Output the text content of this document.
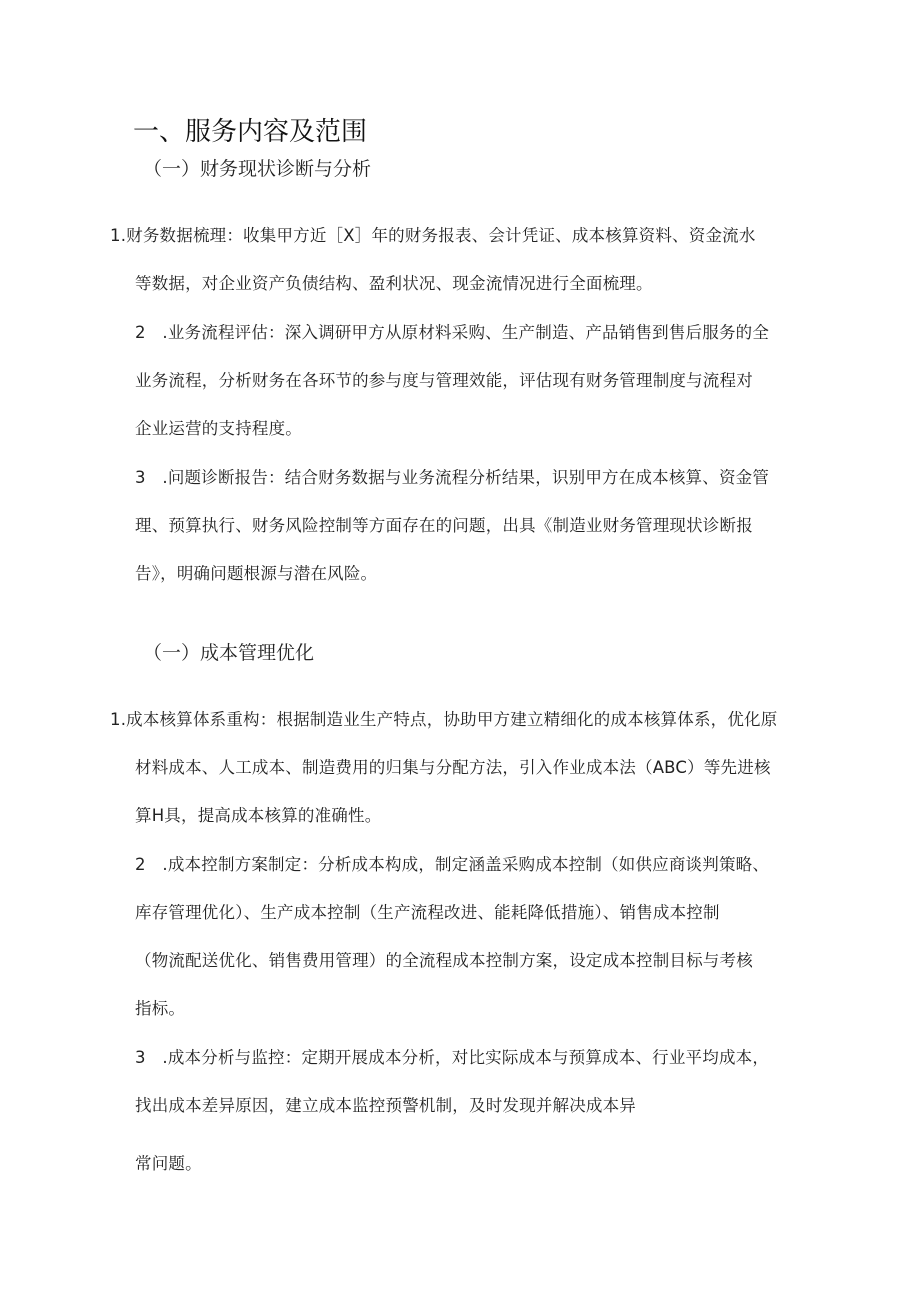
一、服务内容及范围
（一）财务现状诊断与分析

1.财务数据梳理：收集甲方近［X］年的财务报表、会计凭证、成本核算资料、资金流水

等数据，对企业资产负债结构、盈利状况、现金流情况进行全面梳理。

2　.业务流程评估：深入调研甲方从原材料采购、生产制造、产品销售到售后服务的全

业务流程，分析财务在各环节的参与度与管理效能，评估现有财务管理制度与流程对

企业运营的支持程度。

3　.问题诊断报告：结合财务数据与业务流程分析结果，识别甲方在成本核算、资金管

理、预算执行、财务风险控制等方面存在的问题，出具《制造业财务管理现状诊断报

告》，明确问题根源与潜在风险。

（一）成本管理优化

1.成本核算体系重构：根据制造业生产特点，协助甲方建立精细化的成本核算体系，优化原

材料成本、人工成本、制造费用的归集与分配方法，引入作业成本法（ABC）等先进核

算H具，提高成本核算的准确性。

2　.成本控制方案制定：分析成本构成，制定涵盖采购成本控制（如供应商谈判策略、

库存管理优化）、生产成本控制（生产流程改进、能耗降低措施）、销售成本控制

（物流配送优化、销售费用管理）的全流程成本控制方案，设定成本控制目标与考核

指标。

3　.成本分析与监控：定期开展成本分析，对比实际成本与预算成本、行业平均成本，

找出成本差异原因，建立成本监控预警机制，及时发现并解决成本异

常问题。
